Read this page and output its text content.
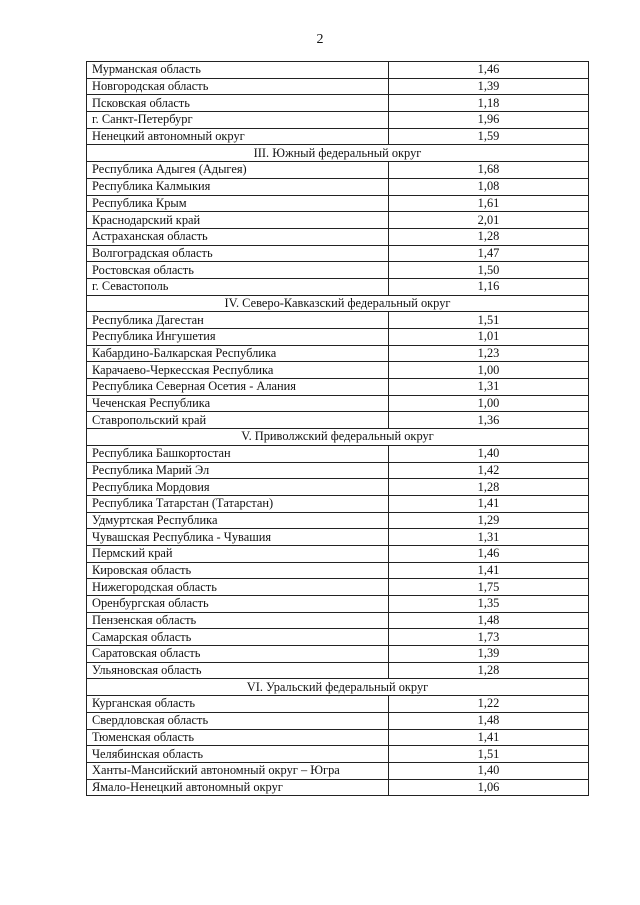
2
Мурманская область	1,46
Новгородская область	1,39
Псковская область	1,18
г. Санкт-Петербург	1,96
Ненецкий автономный округ	1,59
III. Южный федеральный округ	
Республика Адыгея (Адыгея)	1,68
Республика Калмыкия	1,08
Республика Крым	1,61
Краснодарский край	2,01
Астраханская область	1,28
Волгоградская область	1,47
Ростовская область	1,50
г. Севастополь	1,16
IV. Северо-Кавказский федеральный округ	
Республика Дагестан	1,51
Республика Ингушетия	1,01
Кабардино-Балкарская Республика	1,23
Карачаево-Черкесская Республика	1,00
Республика Северная Осетия - Алания	1,31
Чеченская Республика	1,00
Ставропольский край	1,36
V. Приволжский федеральный округ	
Республика Башкортостан	1,40
Республика Марий Эл	1,42
Республика Мордовия	1,28
Республика Татарстан (Татарстан)	1,41
Удмуртская Республика	1,29
Чувашская Республика - Чувашия	1,31
Пермский край	1,46
Кировская область	1,41
Нижегородская область	1,75
Оренбургская область	1,35
Пензенская область	1,48
Самарская область	1,73
Саратовская область	1,39
Ульяновская область	1,28
VI. Уральский федеральный округ	
Курганская область	1,22
Свердловская область	1,48
Тюменская область	1,41
Челябинская область	1,51
Ханты-Мансийский автономный округ – Югра	1,40
Ямало-Ненецкий автономный округ	1,06
